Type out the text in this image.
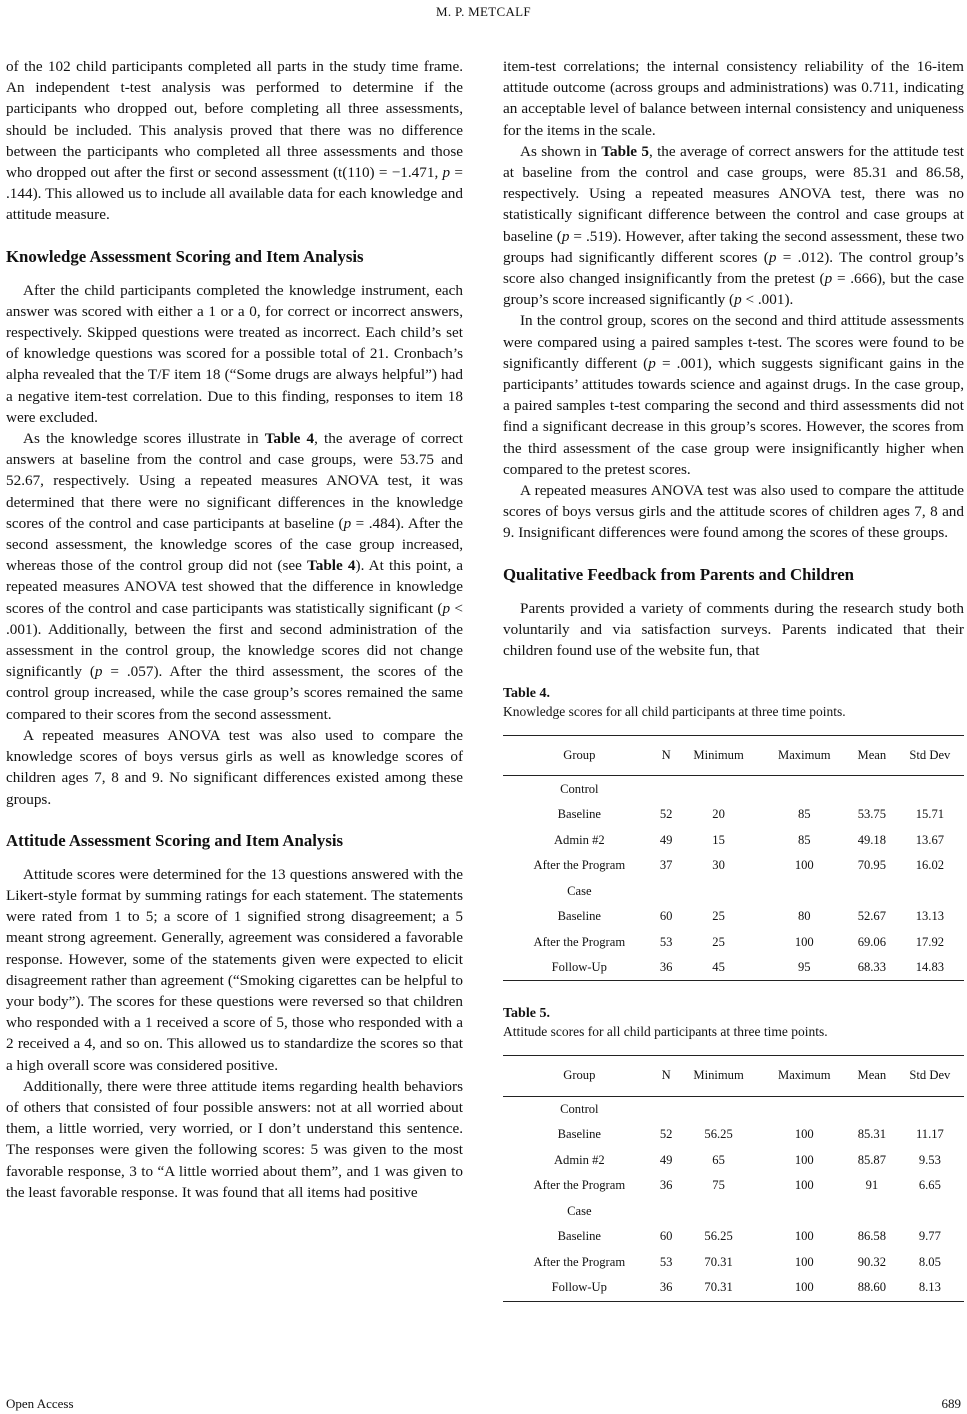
M. P. METCALF

of the 102 child participants completed all parts in the study time frame. An independent t-test analysis was performed to determine if the participants who dropped out, before completing all three assessments, should be included. This analysis proved that there was no difference between the participants who completed all three assessments and those who dropped out after the first or second assessment (t(110) = −1.471, p = .144). This allowed us to include all available data for each knowledge and attitude measure.

Knowledge Assessment Scoring and Item Analysis

After the child participants completed the knowledge instrument, each answer was scored with either a 1 or a 0, for correct or incorrect answers, respectively. Skipped questions were treated as incorrect. Each child’s set of knowledge questions was scored for a possible total of 21. Cronbach’s alpha revealed that the T/F item 18 (“Some drugs are always helpful”) had a negative item-test correlation. Due to this finding, responses to item 18 were excluded.

As the knowledge scores illustrate in Table 4, the average of correct answers at baseline from the control and case groups, were 53.75 and 52.67, respectively. Using a repeated measures ANOVA test, it was determined that there were no significant differences in the knowledge scores of the control and case participants at baseline (p = .484). After the second assessment, the knowledge scores of the case group increased, whereas those of the control group did not (see Table 4). At this point, a repeated measures ANOVA test showed that the difference in knowledge scores of the control and case participants was statistically significant (p < .001). Additionally, between the first and second administration of the assessment in the control group, the knowledge scores did not change significantly (p = .057). After the third assessment, the scores of the control group increased, while the case group’s scores remained the same compared to their scores from the second assessment.

A repeated measures ANOVA test was also used to compare the knowledge scores of boys versus girls as well as knowledge scores of children ages 7, 8 and 9. No significant differences existed among these groups.

Attitude Assessment Scoring and Item Analysis

Attitude scores were determined for the 13 questions answered with the Likert-style format by summing ratings for each statement. The statements were rated from 1 to 5; a score of 1 signified strong disagreement; a 5 meant strong agreement. Generally, agreement was considered a favorable response. However, some of the statements given were expected to elicit disagreement rather than agreement (“Smoking cigarettes can be helpful to your body”). The scores for these questions were reversed so that children who responded with a 1 received a score of 5, those who responded with a 2 received a 4, and so on. This allowed us to standardize the scores so that a high overall score was considered positive.

Additionally, there were three attitude items regarding health behaviors of others that consisted of four possible answers: not at all worried about them, a little worried, very worried, or I don’t understand this sentence. The responses were given the following scores: 5 was given to the most favorable response, 3 to “A little worried about them”, and 1 was given to the least favorable response. It was found that all items had positive

item-test correlations; the internal consistency reliability of the 16-item attitude outcome (across groups and administrations) was 0.711, indicating an acceptable level of balance between internal consistency and uniqueness for the items in the scale.

As shown in Table 5, the average of correct answers for the attitude test at baseline from the control and case groups, were 85.31 and 86.58, respectively. Using a repeated measures ANOVA test, there was no statistically significant difference between the control and case groups at baseline (p = .519). However, after taking the second assessment, these two groups had significantly different scores (p = .012). The control group’s score also changed insignificantly from the pretest (p = .666), but the case group’s score increased significantly (p < .001).

In the control group, scores on the second and third attitude assessments were compared using a paired samples t-test. The scores were found to be significantly different (p = .001), which suggests significant gains in the participants’ attitudes towards science and against drugs. In the case group, a paired samples t-test comparing the second and third assessments did not find a significant decrease in this group’s scores. However, the scores from the third assessment of the case group were insignificantly higher when compared to the pretest scores.

A repeated measures ANOVA test was also used to compare the attitude scores of boys versus girls and the attitude scores of children ages 7, 8 and 9. Insignificant differences were found among the scores of these groups.

Qualitative Feedback from Parents and Children

Parents provided a variety of comments during the research study both voluntarily and via satisfaction surveys. Parents indicated that their children found use of the website fun, that

Table 4.
Knowledge scores for all child participants at three time points.
Group	N	Minimum	Maximum	Mean	Std Dev
Control					
Baseline	52	20	85	53.75	15.71
Admin #2	49	15	85	49.18	13.67
After the Program	37	30	100	70.95	16.02
Case					
Baseline	60	25	80	52.67	13.13
After the Program	53	25	100	69.06	17.92
Follow-Up	36	45	95	68.33	14.83
Table 5.
Attitude scores for all child participants at three time points.
Group	N	Minimum	Maximum	Mean	Std Dev
Control					
Baseline	52	56.25	100	85.31	11.17
Admin #2	49	65	100	85.87	9.53
After the Program	36	75	100	91	6.65
Case					
Baseline	60	56.25	100	86.58	9.77
After the Program	53	70.31	100	90.32	8.05
Follow-Up	36	70.31	100	88.60	8.13
Open Access	689
